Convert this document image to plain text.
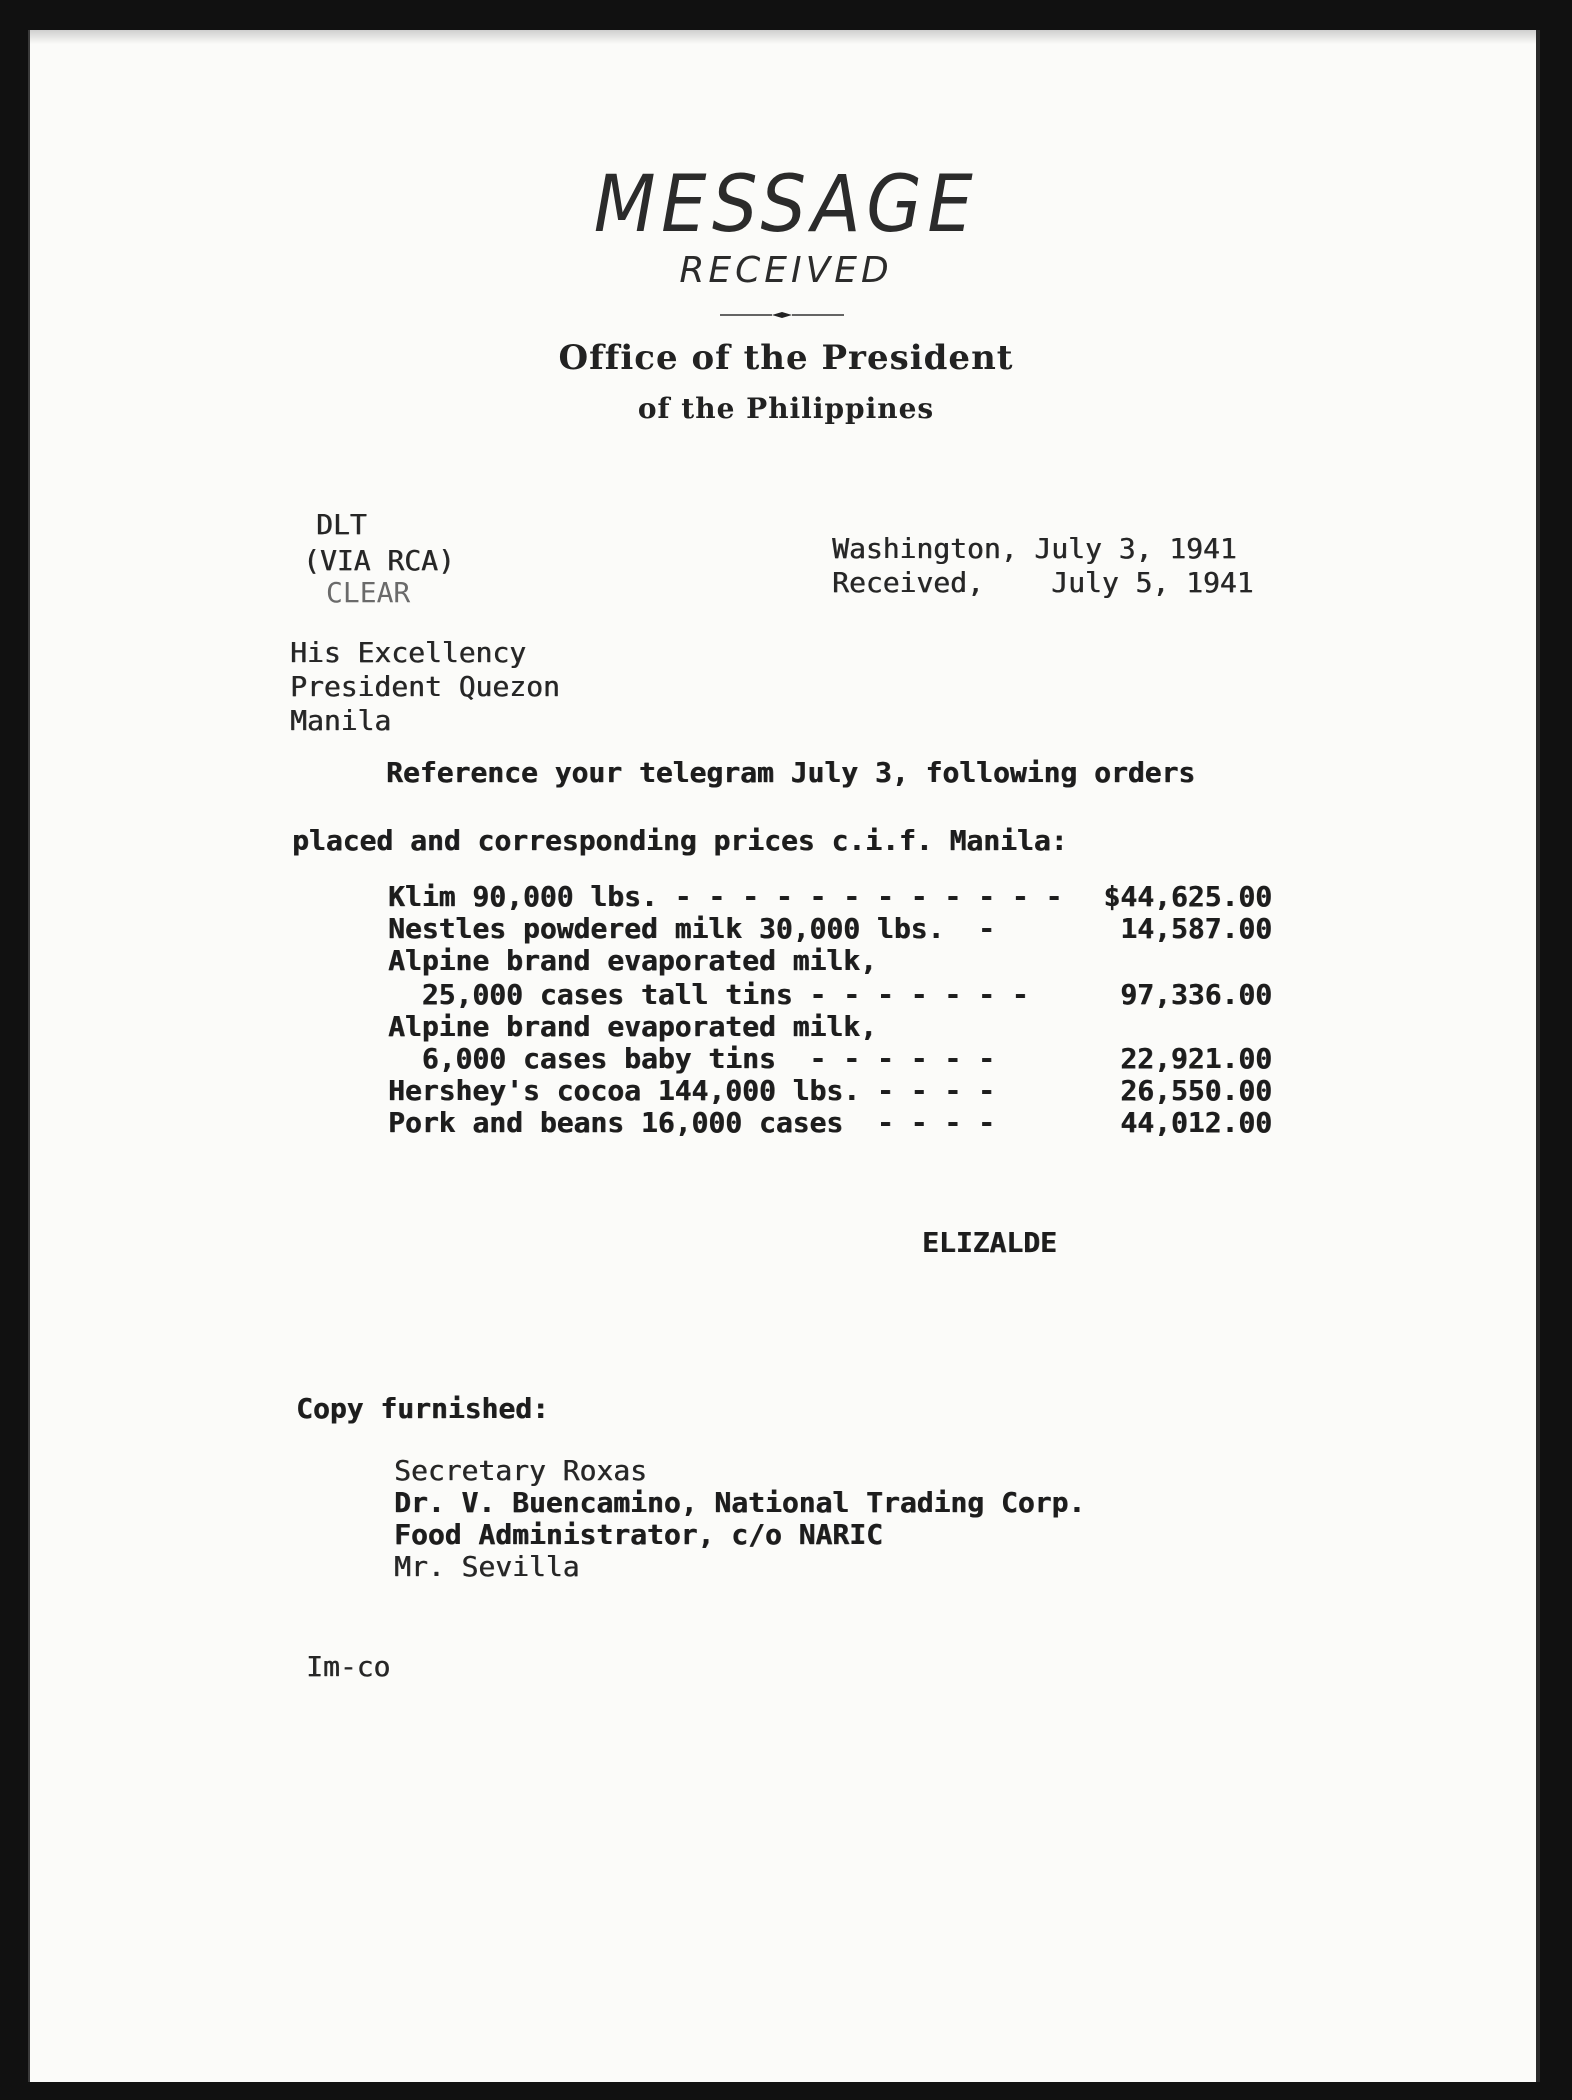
MESSAGE
RECEIVED
Office of the President
of the Philippines
DLT
(VIA RCA)
CLEAR
Washington, July 3, 1941
Received,    July 5, 1941
His Excellency
President Quezon
Manila
Reference your telegram July 3, following orders
placed and corresponding prices c.i.f. Manila:
Klim 90,000 lbs. - - - - - - - - - - - - $44,625.00
Nestles powdered milk 30,000 lbs.  -	14,587.00
Alpine brand evaporated milk,
25,000 cases tall tins - - - - - - -	97,336.00
Alpine brand evaporated milk,
6,000 cases baby tins  - - - - - -	22,921.00
Hershey's cocoa 144,000 lbs. - - - -	26,550.00
Pork and beans 16,000 cases  - - - -	44,012.00
ELIZALDE
Copy furnished:
Secretary Roxas
Dr. V. Buencamino, National Trading Corp.
Food Administrator, c/o NARIC
Mr. Sevilla
Im-co
